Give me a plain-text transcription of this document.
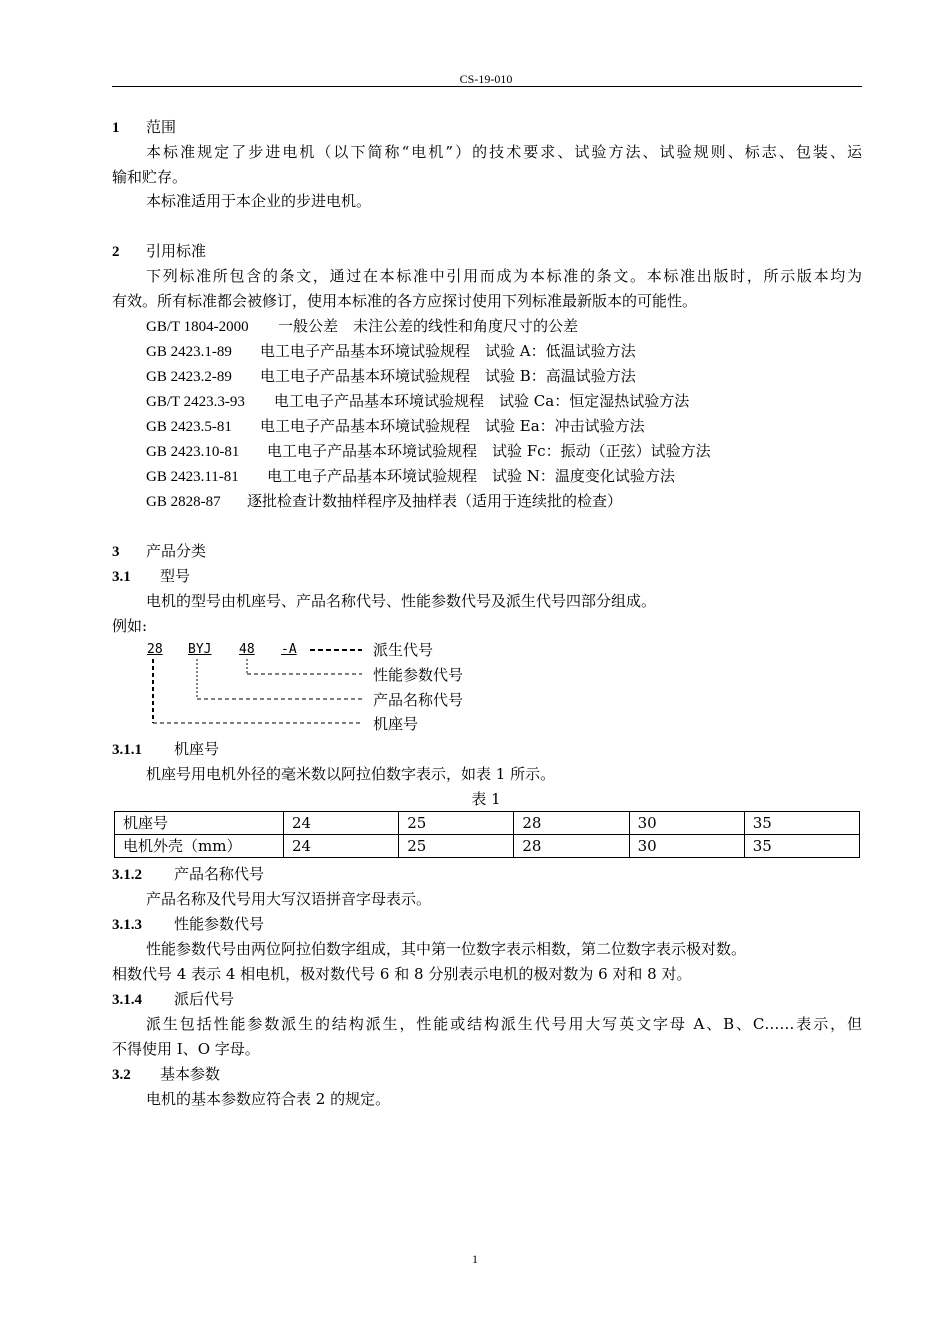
CS-19-010
1 范围
本标准规定了步进电机（以下简称“电机”）的技术要求、试验方法、试验规则、标志、包装、运
输和贮存。
本标准适用于本企业的步进电机。
2 引用标准
下列标准所包含的条文，通过在本标准中引用而成为本标准的条文。本标准出版时，所示版本均为
有效。所有标准都会被修订，使用本标准的各方应探讨使用下列标准最新版本的可能性。
GB/T 1804-2000 一般公差　未注公差的线性和角度尺寸的公差
GB 2423.1-89 电工电子产品基本环境试验规程　试验 A：低温试验方法
GB 2423.2-89 电工电子产品基本环境试验规程　试验 B：高温试验方法
GB/T 2423.3-93 电工电子产品基本环境试验规程　试验 Ca：恒定湿热试验方法
GB 2423.5-81 电工电子产品基本环境试验规程　试验 Ea：冲击试验方法
GB 2423.10-81 电工电子产品基本环境试验规程　试验 Fc：振动（正弦）试验方法
GB 2423.11-81 电工电子产品基本环境试验规程　试验 N：温度变化试验方法
GB 2828-87 逐批检查计数抽样程序及抽样表（适用于连续批的检查）
3 产品分类
3.1 型号
电机的型号由机座号、产品名称代号、性能参数代号及派生代号四部分组成。
例如:
28 BYJ 48 -A	派生代号
性能参数代号
产品名称代号
机座号
3.1.1 机座号
机座号用电机外径的毫米数以阿拉伯数字表示，如表 1 所示。
表 1
机座号	24	25	28	30	35
电机外壳（mm）	24	25	28	30	35
3.1.2 产品名称代号
产品名称及代号用大写汉语拼音字母表示。
3.1.3 性能参数代号
性能参数代号由两位阿拉伯数字组成，其中第一位数字表示相数，第二位数字表示极对数。
相数代号 4 表示 4 相电机，极对数代号 6 和 8 分别表示电机的极对数为 6 对和 8 对。
3.1.4 派后代号
派生包括性能参数派生的结构派生，性能或结构派生代号用大写英文字母 A、B、C……表示，但
不得使用 I、O 字母。
3.2 基本参数
电机的基本参数应符合表 2 的规定。
1
